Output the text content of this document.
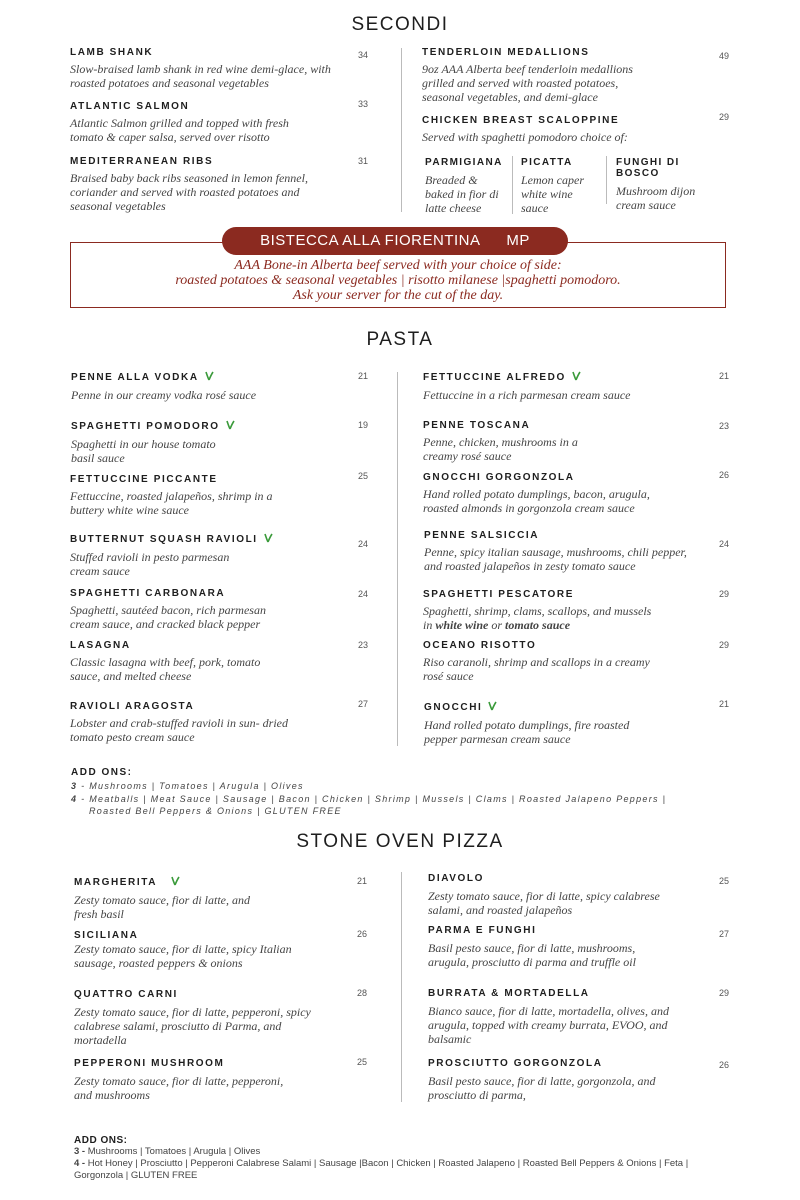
SECONDI
LAMB SHANK
Slow-braised lamb shank in red wine demi-glace, with roasted potatoes and seasonal vegetables
34
ATLANTIC SALMON
Atlantic Salmon grilled and topped with fresh tomato & caper salsa, served over risotto
33
MEDITERRANEAN RIBS
Braised baby back ribs seasoned in lemon fennel, coriander and served with roasted potatoes and seasonal vegetables
31
TENDERLOIN MEDALLIONS
9oz AAA Alberta beef tenderloin medallions grilled and served with roasted potatoes, seasonal vegetables, and demi-glace
49
CHICKEN BREAST SCALOPPINE
Served with spaghetti pomodoro choice of:
29
PARMIGIANA
Breaded & baked in fior di latte cheese
PICATTA
Lemon caper white wine sauce
FUNGHI DI BOSCO
Mushroom dijon cream sauce
BISTECCA ALLA FIORENTINA MP
AAA Bone-in Alberta beef served with your choice of side:
roasted potatoes & seasonal vegetables | risotto milanese |spaghetti pomodoro.
Ask your server for the cut of the day.
PASTA
PENNE ALLA VODKA
Penne in our creamy vodka rosé sauce
21
SPAGHETTI POMODORO
Spaghetti in our house tomato basil sauce
19
FETTUCCINE PICCANTE
Fettuccine, roasted jalapeños, shrimp in a buttery white wine sauce
25
BUTTERNUT SQUASH RAVIOLI
Stuffed ravioli in pesto parmesan cream sauce
24
SPAGHETTI CARBONARA
Spaghetti, sautéed bacon, rich parmesan cream sauce, and cracked black pepper
24
LASAGNA
Classic lasagna with beef, pork, tomato sauce, and melted cheese
23
RAVIOLI ARAGOSTA
Lobster and crab-stuffed ravioli in sun- dried tomato pesto cream sauce
27
FETTUCCINE ALFREDO
Fettuccine in a rich parmesan cream sauce
21
PENNE TOSCANA
Penne, chicken, mushrooms in a creamy rosé sauce
23
GNOCCHI GORGONZOLA
Hand rolled potato dumplings, bacon, arugula, roasted almonds in gorgonzola cream sauce
26
PENNE SALSICCIA
Penne, spicy italian sausage, mushrooms, chili pepper, and roasted jalapeños in zesty tomato sauce
24
SPAGHETTI PESCATORE
Spaghetti, shrimp, clams, scallops, and mussels
in white wine or tomato sauce
29
OCEANO RISOTTO
Riso caranoli, shrimp and scallops in a creamy rosé sauce
29
GNOCCHI
Hand rolled potato dumplings, fire roasted pepper parmesan cream sauce
21
ADD ONS:
3 - Mushrooms | Tomatoes | Arugula | Olives
4 - Meatballs | Meat Sauce | Sausage | Bacon | Chicken | Shrimp | Mussels | Clams | Roasted Jalapeno Peppers |
Roasted Bell Peppers & Onions | GLUTEN FREE
STONE OVEN PIZZA
MARGHERITA
Zesty tomato sauce, fior di latte, and fresh basil
21
SICILIANA
Zesty tomato sauce, fior di latte, spicy Italian sausage, roasted peppers & onions
26
QUATTRO CARNI
Zesty tomato sauce, fior di latte, pepperoni, spicy calabrese salami, prosciutto di Parma, and mortadella
28
PEPPERONI MUSHROOM
Zesty tomato sauce, fior di latte, pepperoni, and mushrooms
25
DIAVOLO
Zesty tomato sauce, fior di latte, spicy calabrese salami, and roasted jalapeños
25
PARMA E FUNGHI
Basil pesto sauce, fior di latte, mushrooms, arugula, prosciutto di parma and truffle oil
27
BURRATA & MORTADELLA
Bianco sauce, fior di latte, mortadella, olives, and arugula, topped with creamy burrata, EVOO, and balsamic
29
PROSCIUTTO GORGONZOLA
Basil pesto sauce, fior di latte, gorgonzola, and prosciutto di parma,
26
ADD ONS:
3 - Mushrooms | Tomatoes | Arugula | Olives
4 - Hot Honey | Prosciutto | Pepperoni Calabrese Salami | Sausage |Bacon | Chicken | Roasted Jalapeno | Roasted Bell Peppers & Onions | Feta |
Gorgonzola | GLUTEN FREE
